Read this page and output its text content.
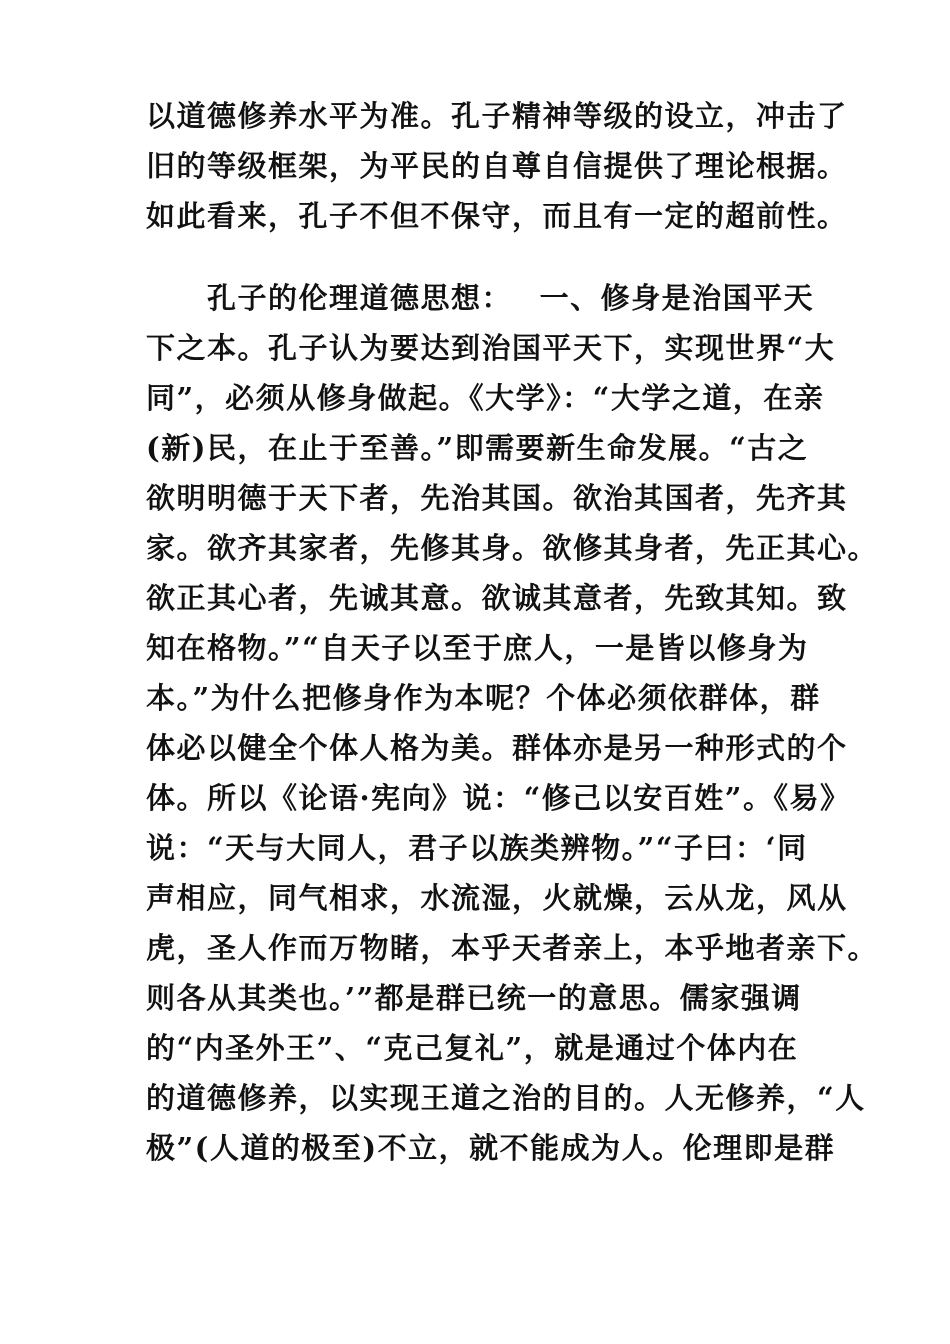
以道德修养水平为准。孔子精神等级的设立，冲击了
旧的等级框架，为平民的自尊自信提供了理论根据。
如此看来，孔子不但不保守，而且有一定的超前性。
　　孔子的伦理道德思想：　 一、修身是治国平天
下之本。孔子认为要达到治国平天下，实现世界“大
同”，必须从修身做起。《大学》：“大学之道，在亲
(新)民，在止于至善。”即需要新生命发展。“古之
欲明明德于天下者，先治其国。欲治其国者，先齐其
家。欲齐其家者，先修其身。欲修其身者，先正其心。
欲正其心者，先诚其意。欲诚其意者，先致其知。致
知在格物。”“自天子以至于庶人，一是皆以修身为
本。”为什么把修身作为本呢？个体必须依群体，群
体必以健全个体人格为美。群体亦是另一种形式的个
体。所以《论语·宪向》说：“修己以安百姓”。《易》
说：“天与大同人，君子以族类辨物。”“子曰：‘同
声相应，同气相求，水流湿，火就燥，云从龙，风从
虎，圣人作而万物睹，本乎天者亲上，本乎地者亲下。
则各从其类也。’”都是群已统一的意思。儒家强调
的“内圣外王”、“克己复礼”，就是通过个体内在
的道德修养，以实现王道之治的目的。人无修养，“人
极”(人道的极至)不立，就不能成为人。伦理即是群
